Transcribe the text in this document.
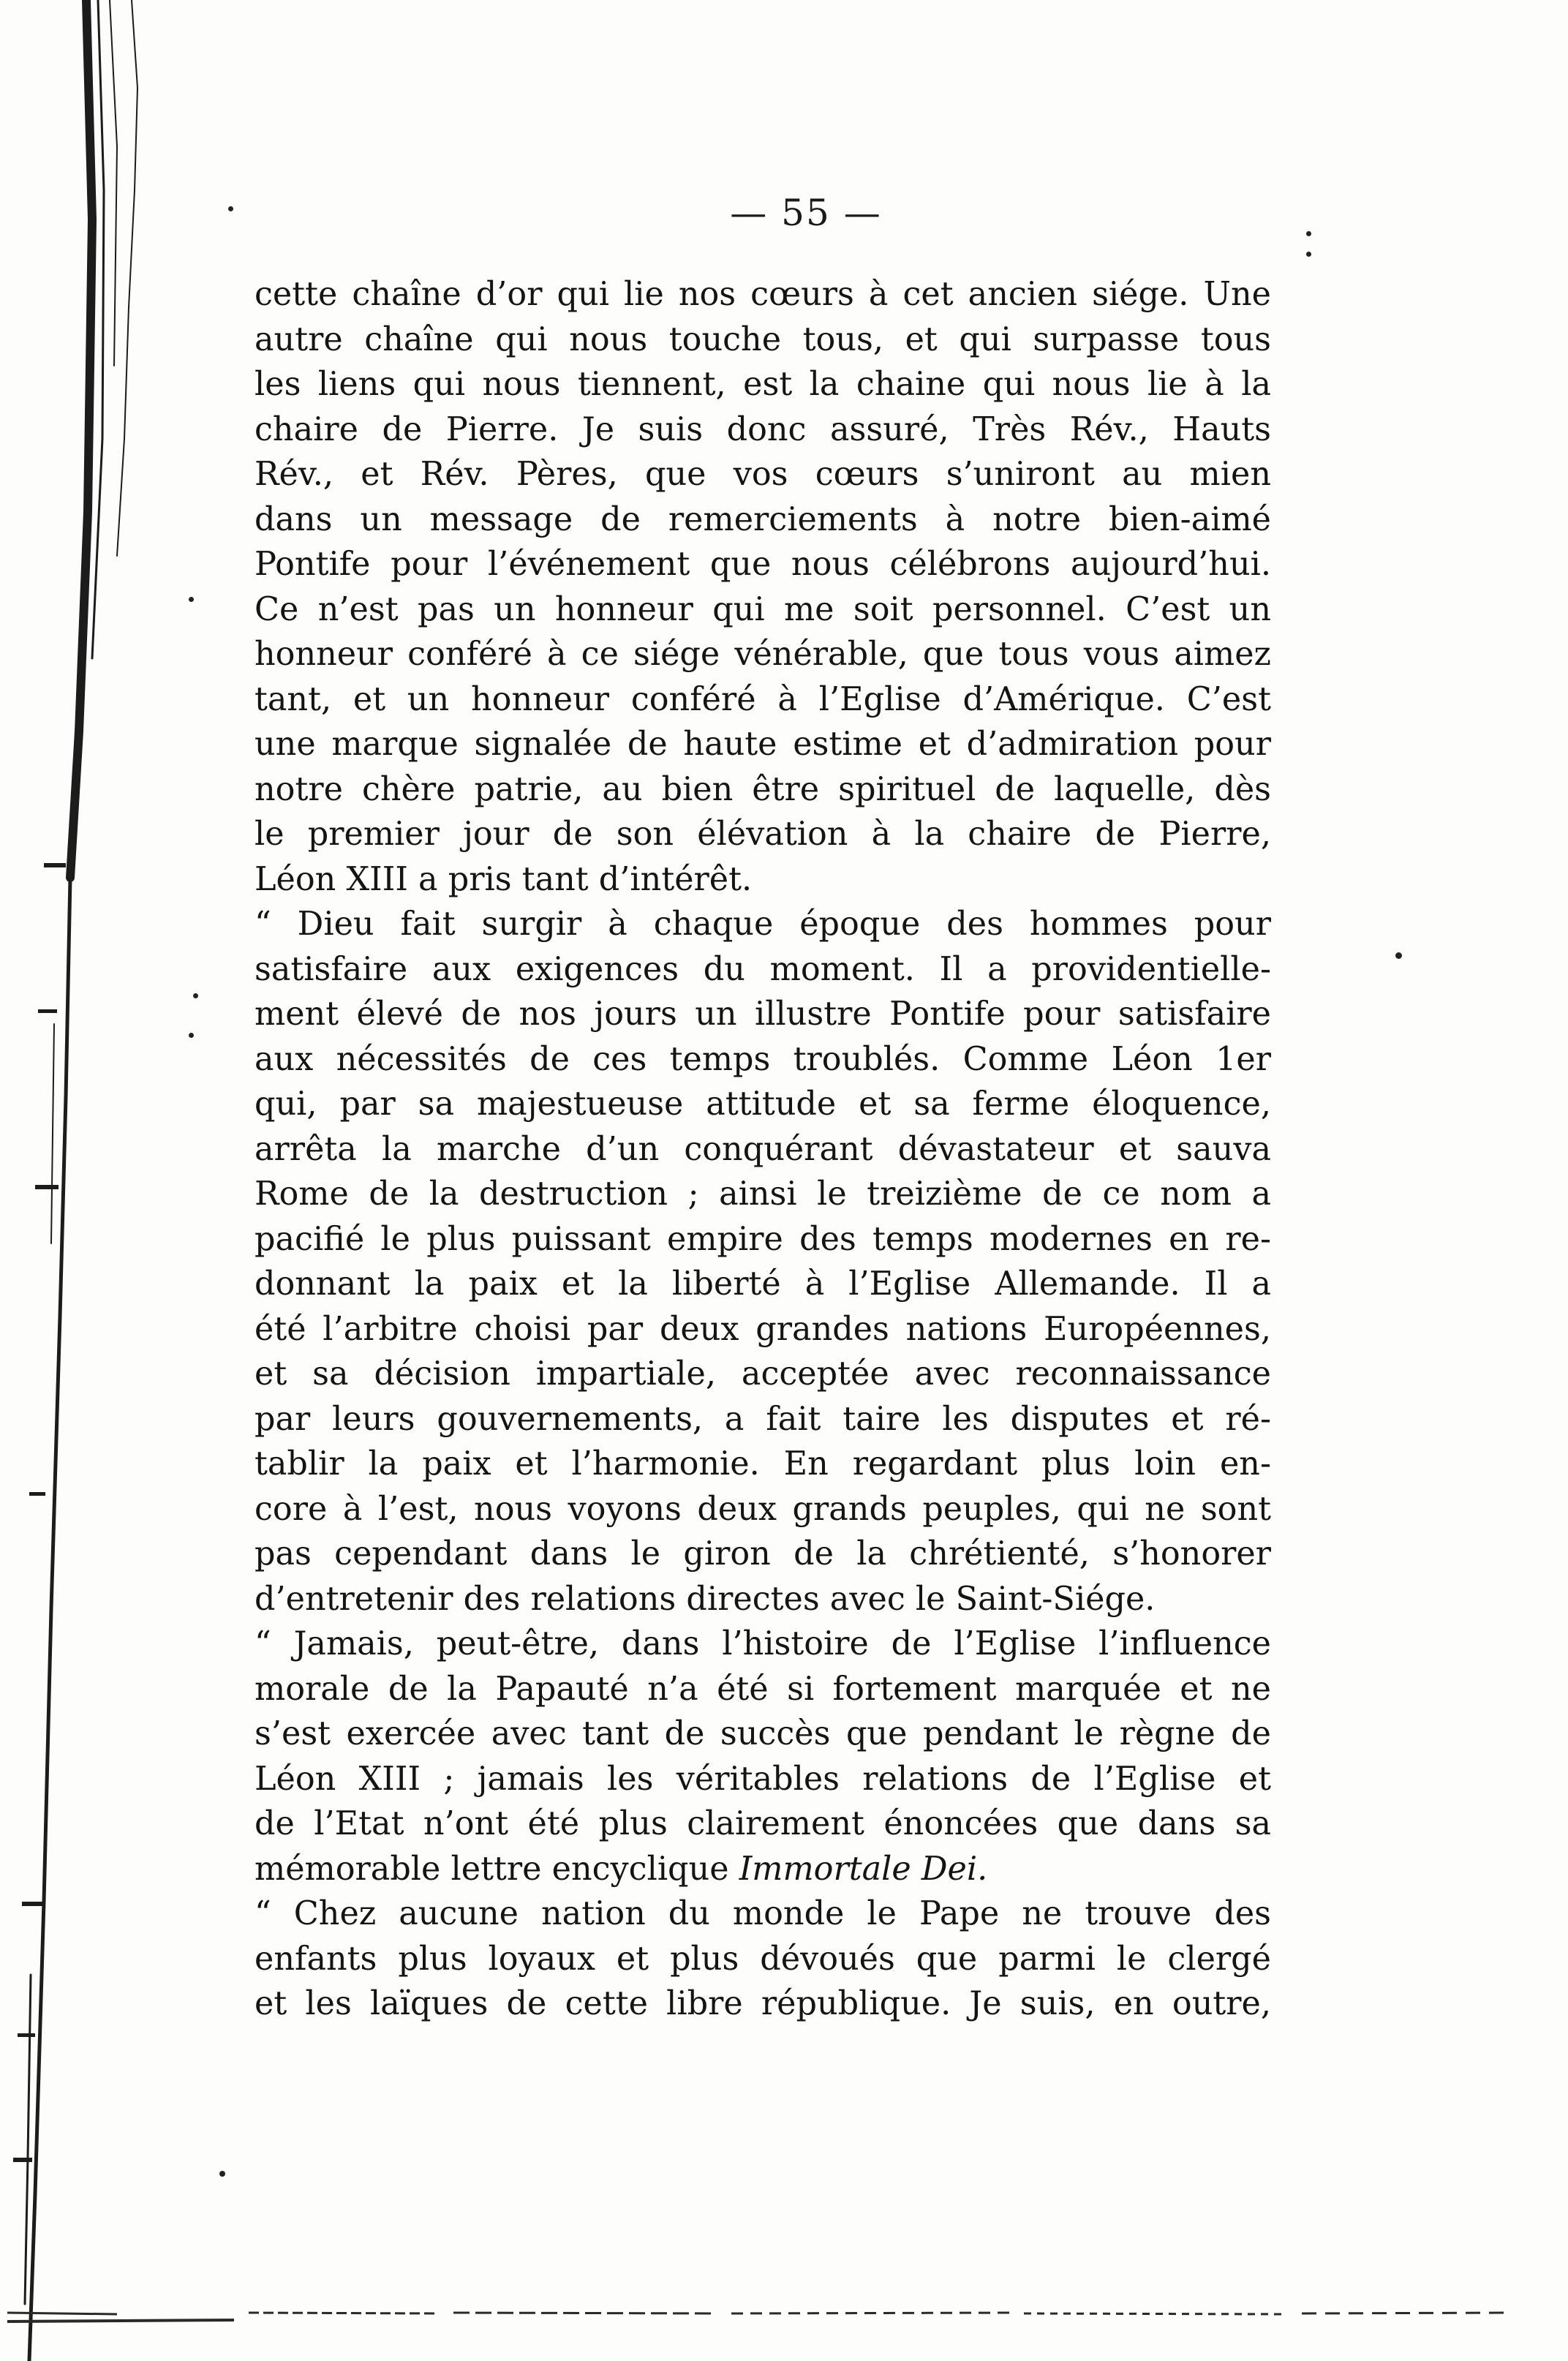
— 55 —
cette chaîne d’or qui lie nos cœurs à cet ancien siége. Une
autre chaîne qui nous touche tous, et qui surpasse tous
les liens qui nous tiennent, est la chaine qui nous lie à la
chaire de Pierre. Je suis donc assuré, Très Rév., Hauts
Rév., et Rév. Pères, que vos cœurs s’uniront au mien
dans un message de remerciements à notre bien-aimé
Pontife pour l’événement que nous célébrons aujourd’hui.
Ce n’est pas un honneur qui me soit personnel. C’est un
honneur conféré à ce siége vénérable, que tous vous aimez
tant, et un honneur conféré à l’Eglise d’Amérique. C’est
une marque signalée de haute estime et d’admiration pour
notre chère patrie, au bien être spirituel de laquelle, dès
le premier jour de son élévation à la chaire de Pierre,
Léon XIII a pris tant d’intérêt.
“ Dieu fait surgir à chaque époque des hommes pour
satisfaire aux exigences du moment. Il a providentielle-
ment élevé de nos jours un illustre Pontife pour satisfaire
aux nécessités de ces temps troublés. Comme Léon 1er
qui, par sa majestueuse attitude et sa ferme éloquence,
arrêta la marche d’un conquérant dévastateur et sauva
Rome de la destruction ; ainsi le treizième de ce nom a
pacifié le plus puissant empire des temps modernes en re-
donnant la paix et la liberté à l’Eglise Allemande. Il a
été l’arbitre choisi par deux grandes nations Européennes,
et sa décision impartiale, acceptée avec reconnaissance
par leurs gouvernements, a fait taire les disputes et ré-
tablir la paix et l’harmonie. En regardant plus loin en-
core à l’est, nous voyons deux grands peuples, qui ne sont
pas cependant dans le giron de la chrétienté, s’honorer
d’entretenir des relations directes avec le Saint-Siége.
“ Jamais, peut-être, dans l’histoire de l’Eglise l’influence
morale de la Papauté n’a été si fortement marquée et ne
s’est exercée avec tant de succès que pendant le règne de
Léon XIII ; jamais les véritables relations de l’Eglise et
de l’Etat n’ont été plus clairement énoncées que dans sa
mémorable lettre encyclique Immortale Dei.
“ Chez aucune nation du monde le Pape ne trouve des
enfants plus loyaux et plus dévoués que parmi le clergé
et les laïques de cette libre république. Je suis, en outre,
